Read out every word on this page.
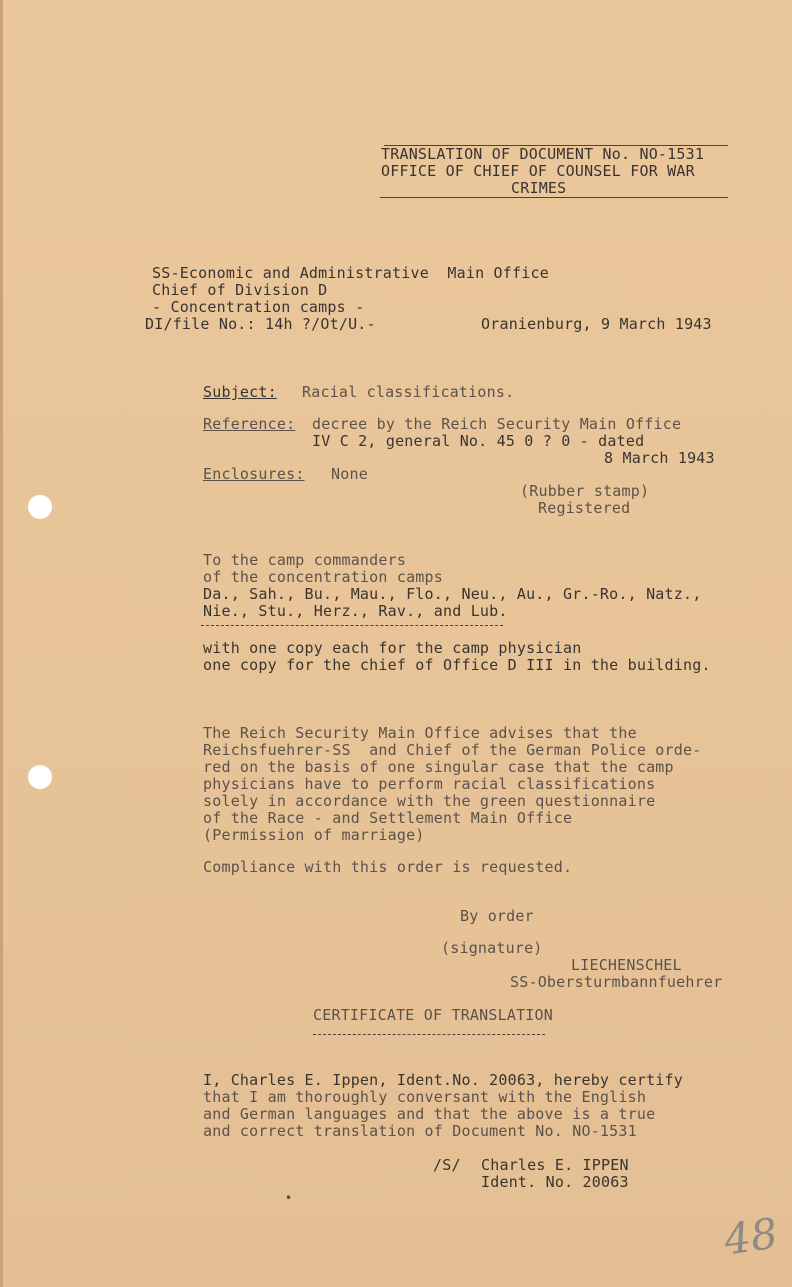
TRANSLATION OF DOCUMENT No. NO-1531
OFFICE OF CHIEF OF COUNSEL FOR WAR
CRIMES
SS-Economic and Administrative  Main Office
Chief of Division D
- Concentration camps -
DI/file No.: 14h ?/Ot/U.-	Oranienburg, 9 March 1943
Subject: Racial classifications.
Reference: decree by the Reich Security Main Office
IV C 2, general No. 45 0 ? 0 - dated
8 March 1943
Enclosures: None
(Rubber stamp)
Registered
To the camp commanders
of the concentration camps
Da., Sah., Bu., Mau., Flo., Neu., Au., Gr.-Ro., Natz.,
Nie., Stu., Herz., Rav., and Lub.
with one copy each for the camp physician
one copy for the chief of Office D III in the building.
The Reich Security Main Office advises that the
Reichsfuehrer-SS  and Chief of the German Police orde-
red on the basis of one singular case that the camp
physicians have to perform racial classifications
solely in accordance with the green questionnaire
of the Race - and Settlement Main Office
(Permission of marriage)
Compliance with this order is requested.
By order
(signature)
LIECHENSCHEL
SS-Obersturmbannfuehrer
CERTIFICATE OF TRANSLATION
I, Charles E. Ippen, Ident.No. 20063, hereby certify
that I am thoroughly conversant with the English
and German languages and that the above is a true
and correct translation of Document No. NO-1531
/S/ Charles E. IPPEN
Ident. No. 20063
•
48
